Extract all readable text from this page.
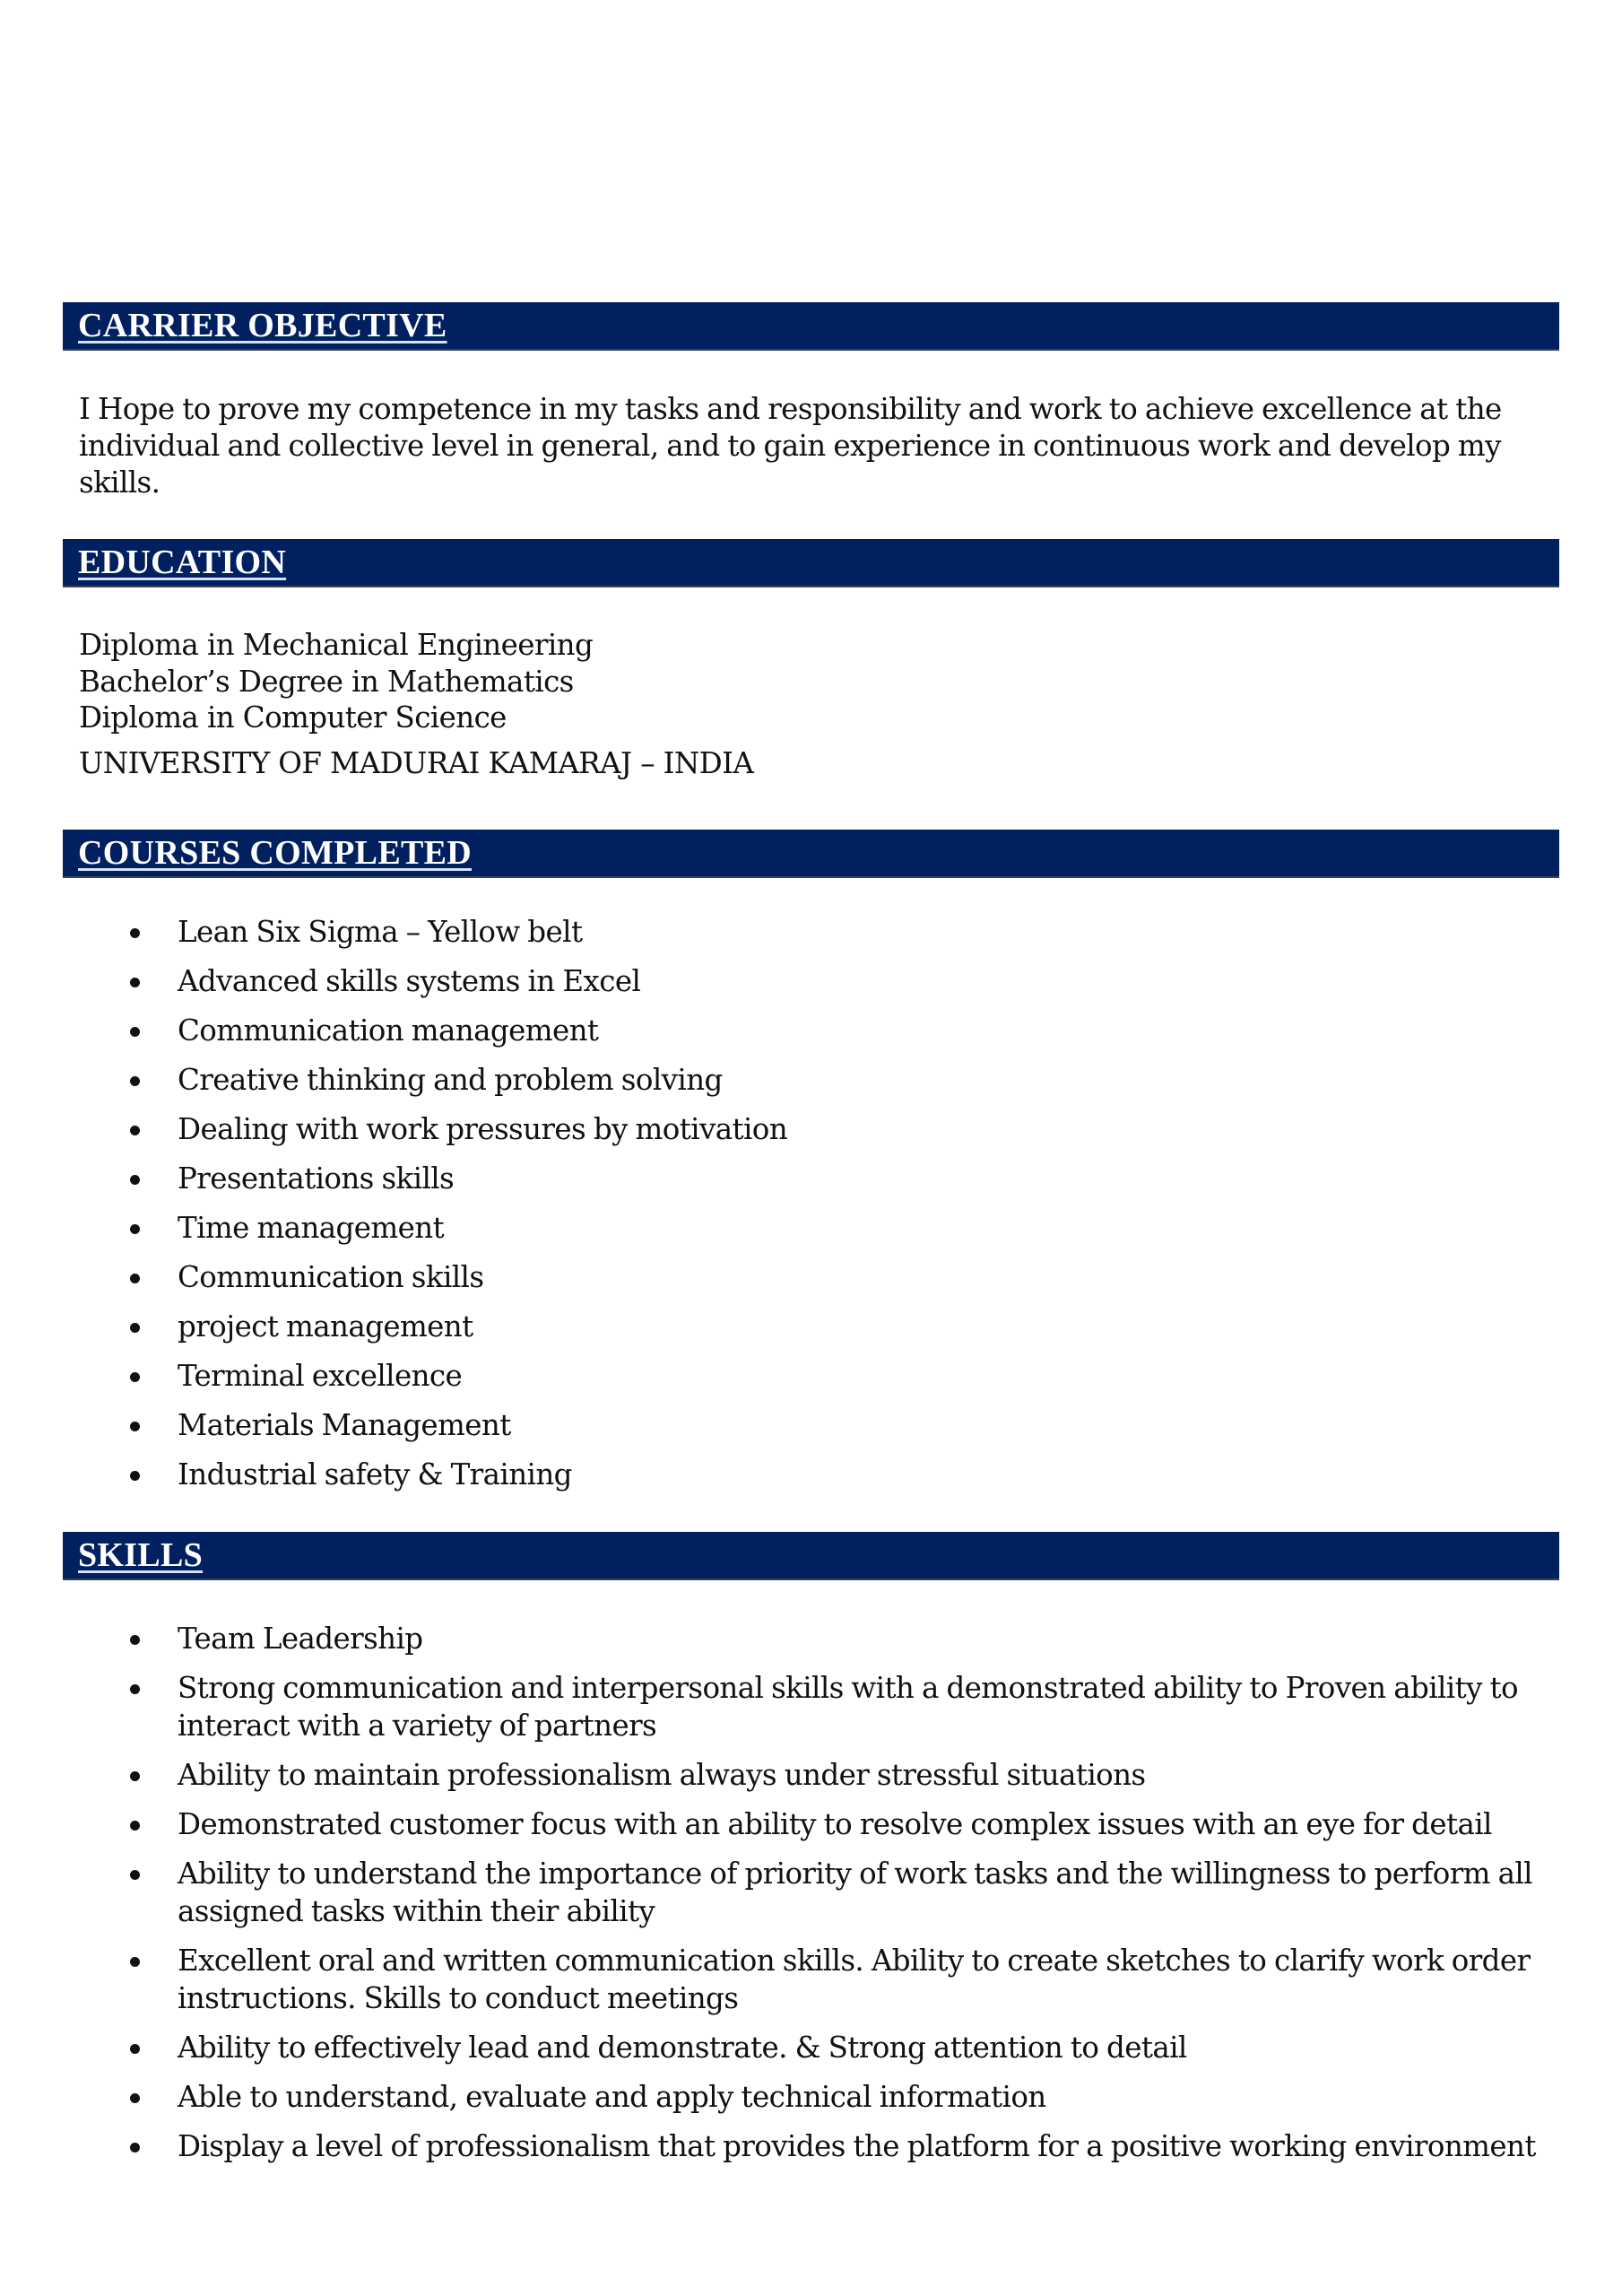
CARRIER OBJECTIVE
I Hope to prove my competence in my tasks and responsibility and work to achieve excellence at the individual and collective level in general, and to gain experience in continuous work and develop my skills.
EDUCATION
Diploma in Mechanical Engineering
Bachelor’s Degree in Mathematics
Diploma in Computer Science
UNIVERSITY OF MADURAI KAMARAJ – INDIA
COURSES COMPLETED
Lean Six Sigma – Yellow belt
Advanced skills systems in Excel
Communication management
Creative thinking and problem solving
Dealing with work pressures by motivation
Presentations skills
Time management
Communication skills
project management
Terminal excellence
Materials Management
Industrial safety & Training
SKILLS
Team Leadership
Strong communication and interpersonal skills with a demonstrated ability to Proven ability to interact with a variety of partners
Ability to maintain professionalism always under stressful situations
Demonstrated customer focus with an ability to resolve complex issues with an eye for detail
Ability to understand the importance of priority of work tasks and the willingness to perform all assigned tasks within their ability
Excellent oral and written communication skills. Ability to create sketches to clarify work order instructions. Skills to conduct meetings
Ability to effectively lead and demonstrate. & Strong attention to detail
Able to understand, evaluate and apply technical information
Display a level of professionalism that provides the platform for a positive working environment
